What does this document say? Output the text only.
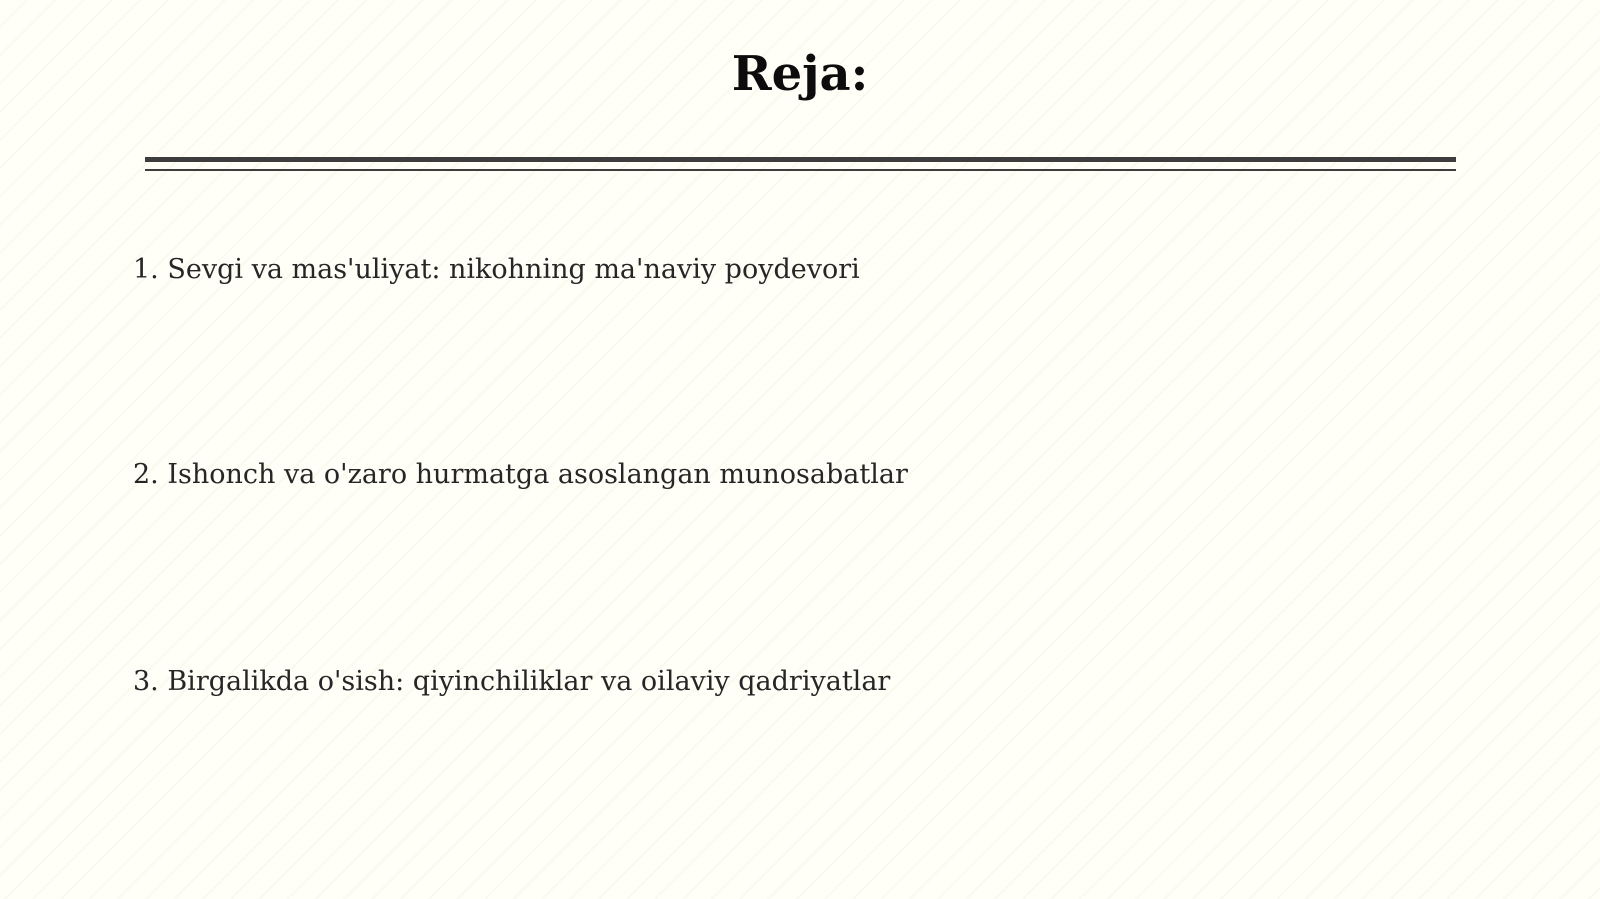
Reja:
1. Sevgi va mas'uliyat: nikohning ma'naviy poydevori
2. Ishonch va o'zaro hurmatga asoslangan munosabatlar
3. Birgalikda o'sish: qiyinchiliklar va oilaviy qadriyatlar
